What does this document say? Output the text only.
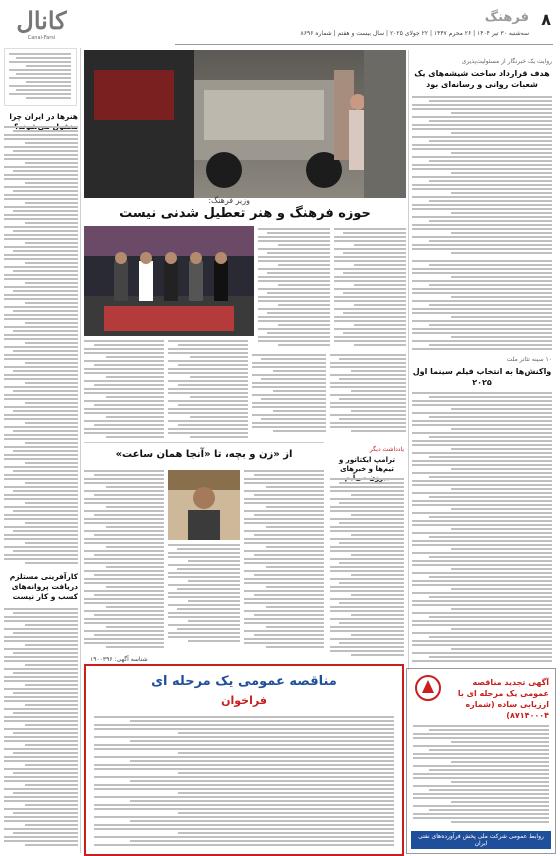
۸
فرهنگ
سه‌شنبه ۳۰ تیر ۱۴۰۴ | ۲۶ محرم ۱۴۴۷ | ۲۲ جولای ۲۰۲۵ | سال بیست و هفتم | شماره ۸۶۹۶
کانال
Canal-Farsi
هنرها در ایران چرا
کارآفرینی مستلزم دریافت پروانه‌های کسب و کار نیست
روایت یک خبرنگار از مسئولیت‌پذیری
هدف قرارداد ساخت شیشه‌های یک شعبات روانی و رسانه‌ای بود
وزیر فرهنگ:
حوزه فرهنگ و هنر تعطیل شدنی نیست
۱۰ سینه‌ تئاتر ملت
واکنش‌ها به انتخاب فیلم سینما اول ۲۰۲۵
یادداشت دیگر
ترامپ ایکتاتور و تیم‌ها و خبرهای
از «زن و بچه، تا «آنجا همان ساعت»
شناسه آگهی: ۱۹۰۰۳۹۶
مناقصه عمومی یک مرحله ای
فراخوان
آگهی تجدید مناقصه عمومی یک مرحله ای با ارزیابی ساده (شماره ۸۷۱۴۰۰۰۴)
روابط عمومی شرکت ملی پخش فرآورده‌های نفتی ایران
